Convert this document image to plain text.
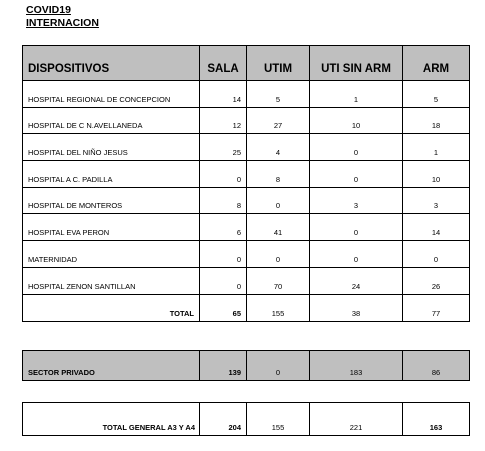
COVID19
INTERNACION
DISPOSITIVOS	SALA	UTIM	UTI SIN ARM	ARM
HOSPITAL REGIONAL DE CONCEPCION	14	5	1	5
HOSPITAL DE C N.AVELLANEDA	12	27	10	18
HOSPITAL DEL NIÑO JESUS	25	4	0	1
HOSPITAL A C. PADILLA	0	8	0	10
HOSPITAL DE MONTEROS	8	0	3	3
HOSPITAL EVA PERON	6	41	0	14
MATERNIDAD	0	0	0	0
HOSPITAL ZENON SANTILLAN	0	70	24	26
TOTAL	65	155	38	77
SECTOR PRIVADO	139	0	183	86
TOTAL GENERAL A3 Y A4	204	155	221	163
